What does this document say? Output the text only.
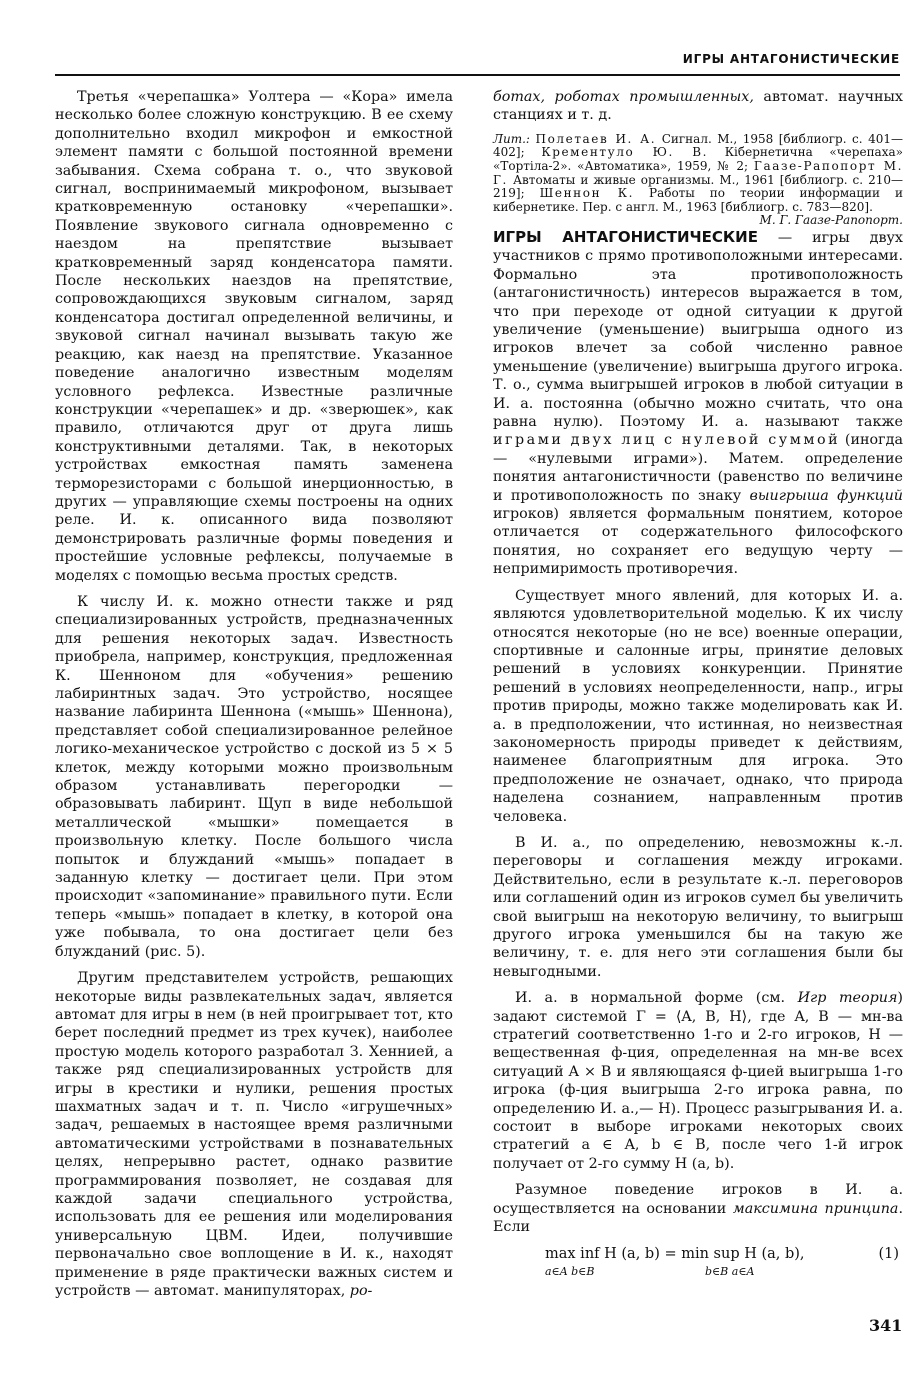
ИГРЫ АНТАГОНИСТИЧЕСКИЕ

Третья «черепашка» Уолтера — «Кора» имела несколько более сложную конструкцию. В ее схему дополнительно входил микрофон и емкостной элемент памяти с большой постоянной времени забывания. Схема собрана т. о., что звуковой сигнал, воспринимаемый микрофоном, вызывает кратковременную остановку «черепашки». Появление звукового сигнала одновременно с наездом на препятствие вызывает кратковременный заряд конденсатора памяти. После нескольких наездов на препятствие, сопровождающихся звуковым сигналом, заряд конденсатора достигал определенной величины, и звуковой сигнал начинал вызывать такую же реакцию, как наезд на препятствие. Указанное поведение аналогично известным моделям условного рефлекса. Известные различные конструкции «черепашек» и др. «зверюшек», как правило, отличаются друг от друга лишь конструктивными деталями. Так, в некоторых устройствах емкостная память заменена терморезисторами с большой инерционностью, в других — управляющие схемы построены на одних реле. И. к. описанного вида позволяют демонстрировать различные формы поведения и простейшие условные рефлексы, получаемые в моделях с помощью весьма простых средств.

К числу И. к. можно отнести также и ряд специализированных устройств, предназначенных для решения некоторых задач. Известность приобрела, например, конструкция, предложенная К. Шенноном для «обучения» решению лабиринтных задач. Это устройство, носящее название лабиринта Шеннона («мышь» Шеннона), представляет собой специализированное релейное логико-механическое устройство с доской из 5 × 5 клеток, между которыми можно произвольным образом устанавливать перегородки — образовывать лабиринт. Щуп в виде небольшой металлической «мышки» помещается в произвольную клетку. После большого числа попыток и блужданий «мышь» попадает в заданную клетку — достигает цели. При этом происходит «запоминание» правильного пути. Если теперь «мышь» попадает в клетку, в которой она уже побывала, то она достигает цели без блужданий (рис. 5).

Другим представителем устройств, решающих некоторые виды развлекательных задач, является автомат для игры в нем (в ней проигрывает тот, кто берет последний предмет из трех кучек), наиболее простую модель которого разработал З. Хеннией, а также ряд специализированных устройств для игры в крестики и нулики, решения простых шахматных задач и т. п. Число «игрушечных» задач, решаемых в настоящее время различными автоматическими устройствами в познавательных целях, непрерывно растет, однако развитие программирования позволяет, не создавая для каждой задачи специального устройства, использовать для ее решения или моделирования универсальную ЦВМ. Идеи, получившие первоначально свое воплощение в И. к., находят применение в ряде практически важных систем и устройств — автомат. манипуляторах, ро-

ботах, роботах промышленных, автомат. научных станциях и т. д.

Лит.: Полетаев И. А. Сигнал. М., 1958 [библиогр. с. 401—402]; Крементуло Ю. В. Кібернетична «черепаха» «Tортiла-2». «Автоматика», 1959, № 2; Гаазе-Рапопорт М. Г. Автоматы и живые организмы. М., 1961 [библиогр. с. 210—219]; Шеннон К. Работы по теории информации и кибернетике. Пер. с англ. М., 1963 [библиогр. с. 783—820].
М. Г. Гаазе-Рапопорт.

ИГРЫ АНТАГОНИСТИЧЕСКИЕ — игры двух участников с прямо противоположными интересами. Формально эта противоположность (антагонистичность) интересов выражается в том, что при переходе от одной ситуации к другой увеличение (уменьшение) выигрыша одного из игроков влечет за собой численно равное уменьшение (увеличение) выигрыша другого игрока. Т. о., сумма выигрышей игроков в любой ситуации в И. а. постоянна (обычно можно считать, что она равна нулю). Поэтому И. а. называют также играми двух лиц с нулевой суммой (иногда — «нулевыми играми»). Матем. определение понятия антагонистичности (равенство по величине и противоположность по знаку выигрыша функций игроков) является формальным понятием, которое отличается от содержательного философского понятия, но сохраняет его ведущую черту — непримиримость противоречия.

Существует много явлений, для которых И. а. являются удовлетворительной моделью. К их числу относятся некоторые (но не все) военные операции, спортивные и салонные игры, принятие деловых решений в условиях конкуренции. Принятие решений в условиях неопределенности, напр., игры против природы, можно также моделировать как И. а. в предположении, что истинная, но неизвестная закономерность природы приведет к действиям, наименее благоприятным для игрока. Это предположение не означает, однако, что природа наделена сознанием, направленным против человека.

В И. а., по определению, невозможны к.-л. переговоры и соглашения между игроками. Действительно, если в результате к.-л. переговоров или соглашений один из игроков сумел бы увеличить свой выигрыш на некоторую величину, то выигрыш другого игрока уменьшился бы на такую же величину, т. е. для него эти соглашения были бы невыгодными.

И. а. в нормальной форме (см. Игр теория) задают системой Γ = ⟨A, B, H⟩, где A, B — мн-ва стратегий соответственно 1-го и 2-го игроков, H — вещественная ф-ция, определенная на мн-ве всех ситуаций A × B и являющаяся ф-цией выигрыша 1-го игрока (ф-ция выигрыша 2-го игрока равна, по определению И. а.,— H). Процесс разыгрывания И. а. состоит в выборе игроками некоторых своих стратегий a ∈ A, b ∈ B, после чего 1-й игрок получает от 2-го сумму H (a, b).

Разумное поведение игроков в И. а. осуществляется на основании максимина принципа. Если

max inf H (a, b) = min sup H (a, b),
a∈A b∈B	b∈B a∈A
(1)
341
